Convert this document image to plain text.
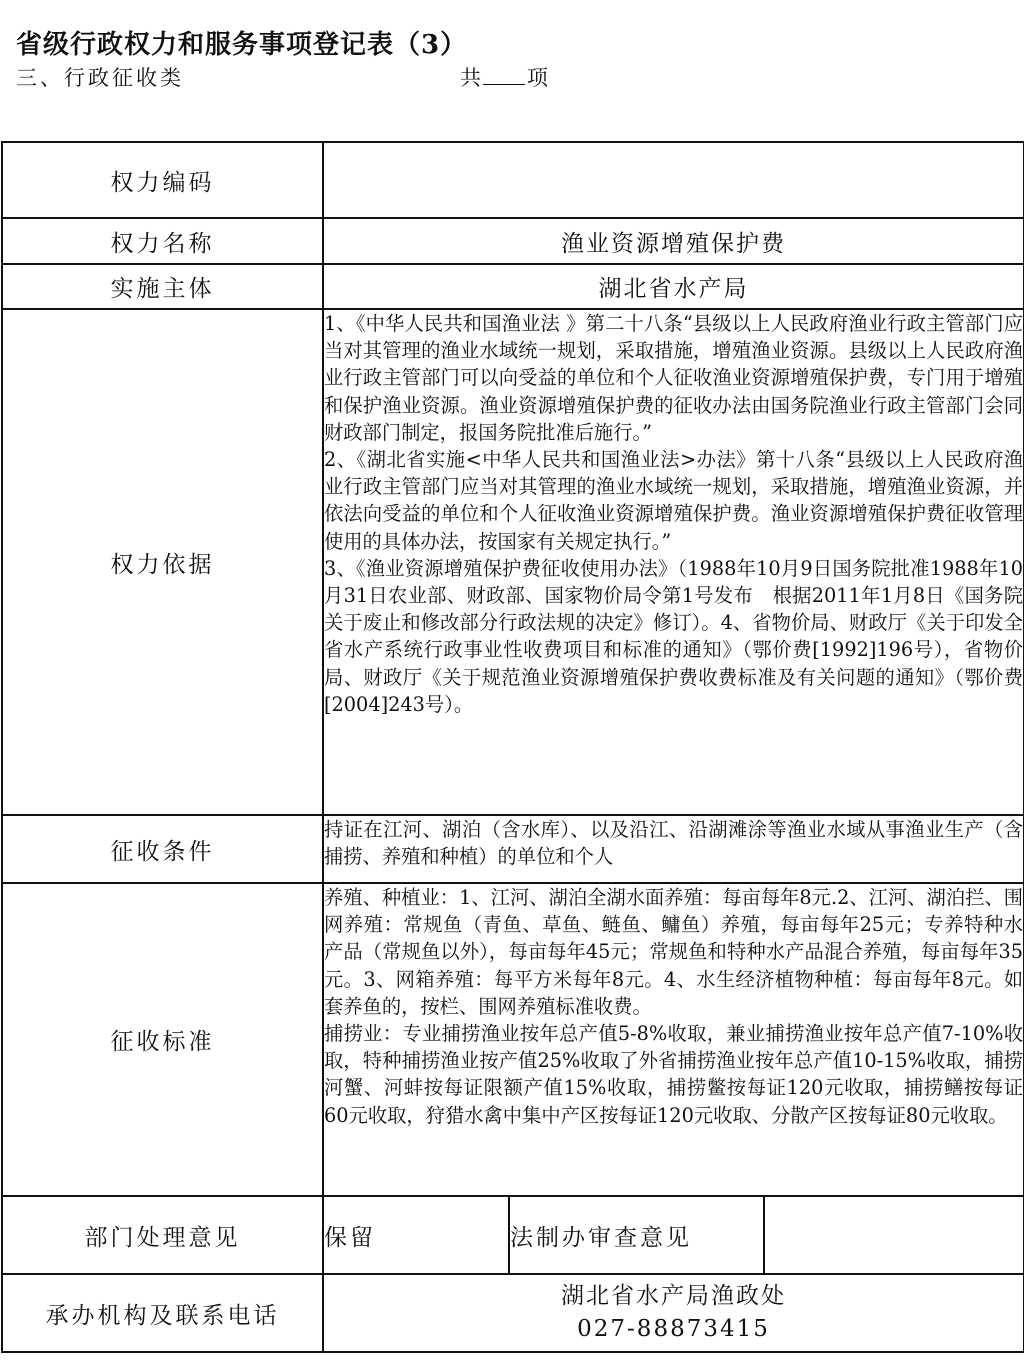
省级行政权力和服务事项登记表（3）
三、行政征收类	共 项
权力编码			
权力名称	渔业资源增殖保护费		
实施主体	湖北省水产局		
权力依据	1、《中华人民共和国渔业法 》第二十八条“县级以上人民政府渔业行政主管部门应当对其管理的渔业水域统一规划，采取措施，增殖渔业资源。县级以上人民政府渔业行政主管部门可以向受益的单位和个人征收渔业资源增殖保护费，专门用于增殖和保护渔业资源。渔业资源增殖保护费的征收办法由国务院渔业行政主管部门会同财政部门制定，报国务院批准后施行。”

2、《湖北省实施<中华人民共和国渔业法>办法》第十八条“县级以上人民政府渔业行政主管部门应当对其管理的渔业水域统一规划，采取措施，增殖渔业资源，并依法向受益的单位和个人征收渔业资源增殖保护费。渔业资源增殖保护费征收管理使用的具体办法，按国家有关规定执行。”

3、《渔业资源增殖保护费征收使用办法》（1988年10月9日国务院批准1988年10月31日农业部、财政部、国家物价局令第1号发布　根据2011年1月8日《国务院关于废止和修改部分行政法规的决定》修订）。4、省物价局、财政厅《关于印发全省水产系统行政事业性收费项目和标准的通知》（鄂价费[1992]196号），省物价局、财政厅《关于规范渔业资源增殖保护费收费标准及有关问题的通知》（鄂价费[2004]243号）。		

征收条件	持证在江河、湖泊（含水库）、以及沿江、沿湖滩涂等渔业水域从事渔业生产（含捕捞、养殖和种植）的单位和个人		
征收标准	养殖、种植业：1、江河、湖泊全湖水面养殖：每亩每年8元.2、江河、湖泊拦、围网养殖：常规鱼（青鱼、草鱼、鲢鱼、鳙鱼）养殖，每亩每年25元；专养特种水产品（常规鱼以外），每亩每年45元；常规鱼和特种水产品混合养殖，每亩每年35元。3、网箱养殖：每平方米每年8元。4、水生经济植物种植：每亩每年8元。如套养鱼的，按栏、围网养殖标准收费。

捕捞业：专业捕捞渔业按年总产值5-8%收取，兼业捕捞渔业按年总产值7-10%收取，特种捕捞渔业按产值25%收取了外省捕捞渔业按年总产值10-15%收取，捕捞河蟹、河蚌按每证限额产值15%收取，捕捞鳖按每证120元收取，捕捞鳝按每证60元收取，狩猎水禽中集中产区按每证120元收取、分散产区按每证80元收取。		

部门处理意见	保留	法制办审查意见	
承办机构及联系电话	湖北省水产局渔政处
027-88873415		
